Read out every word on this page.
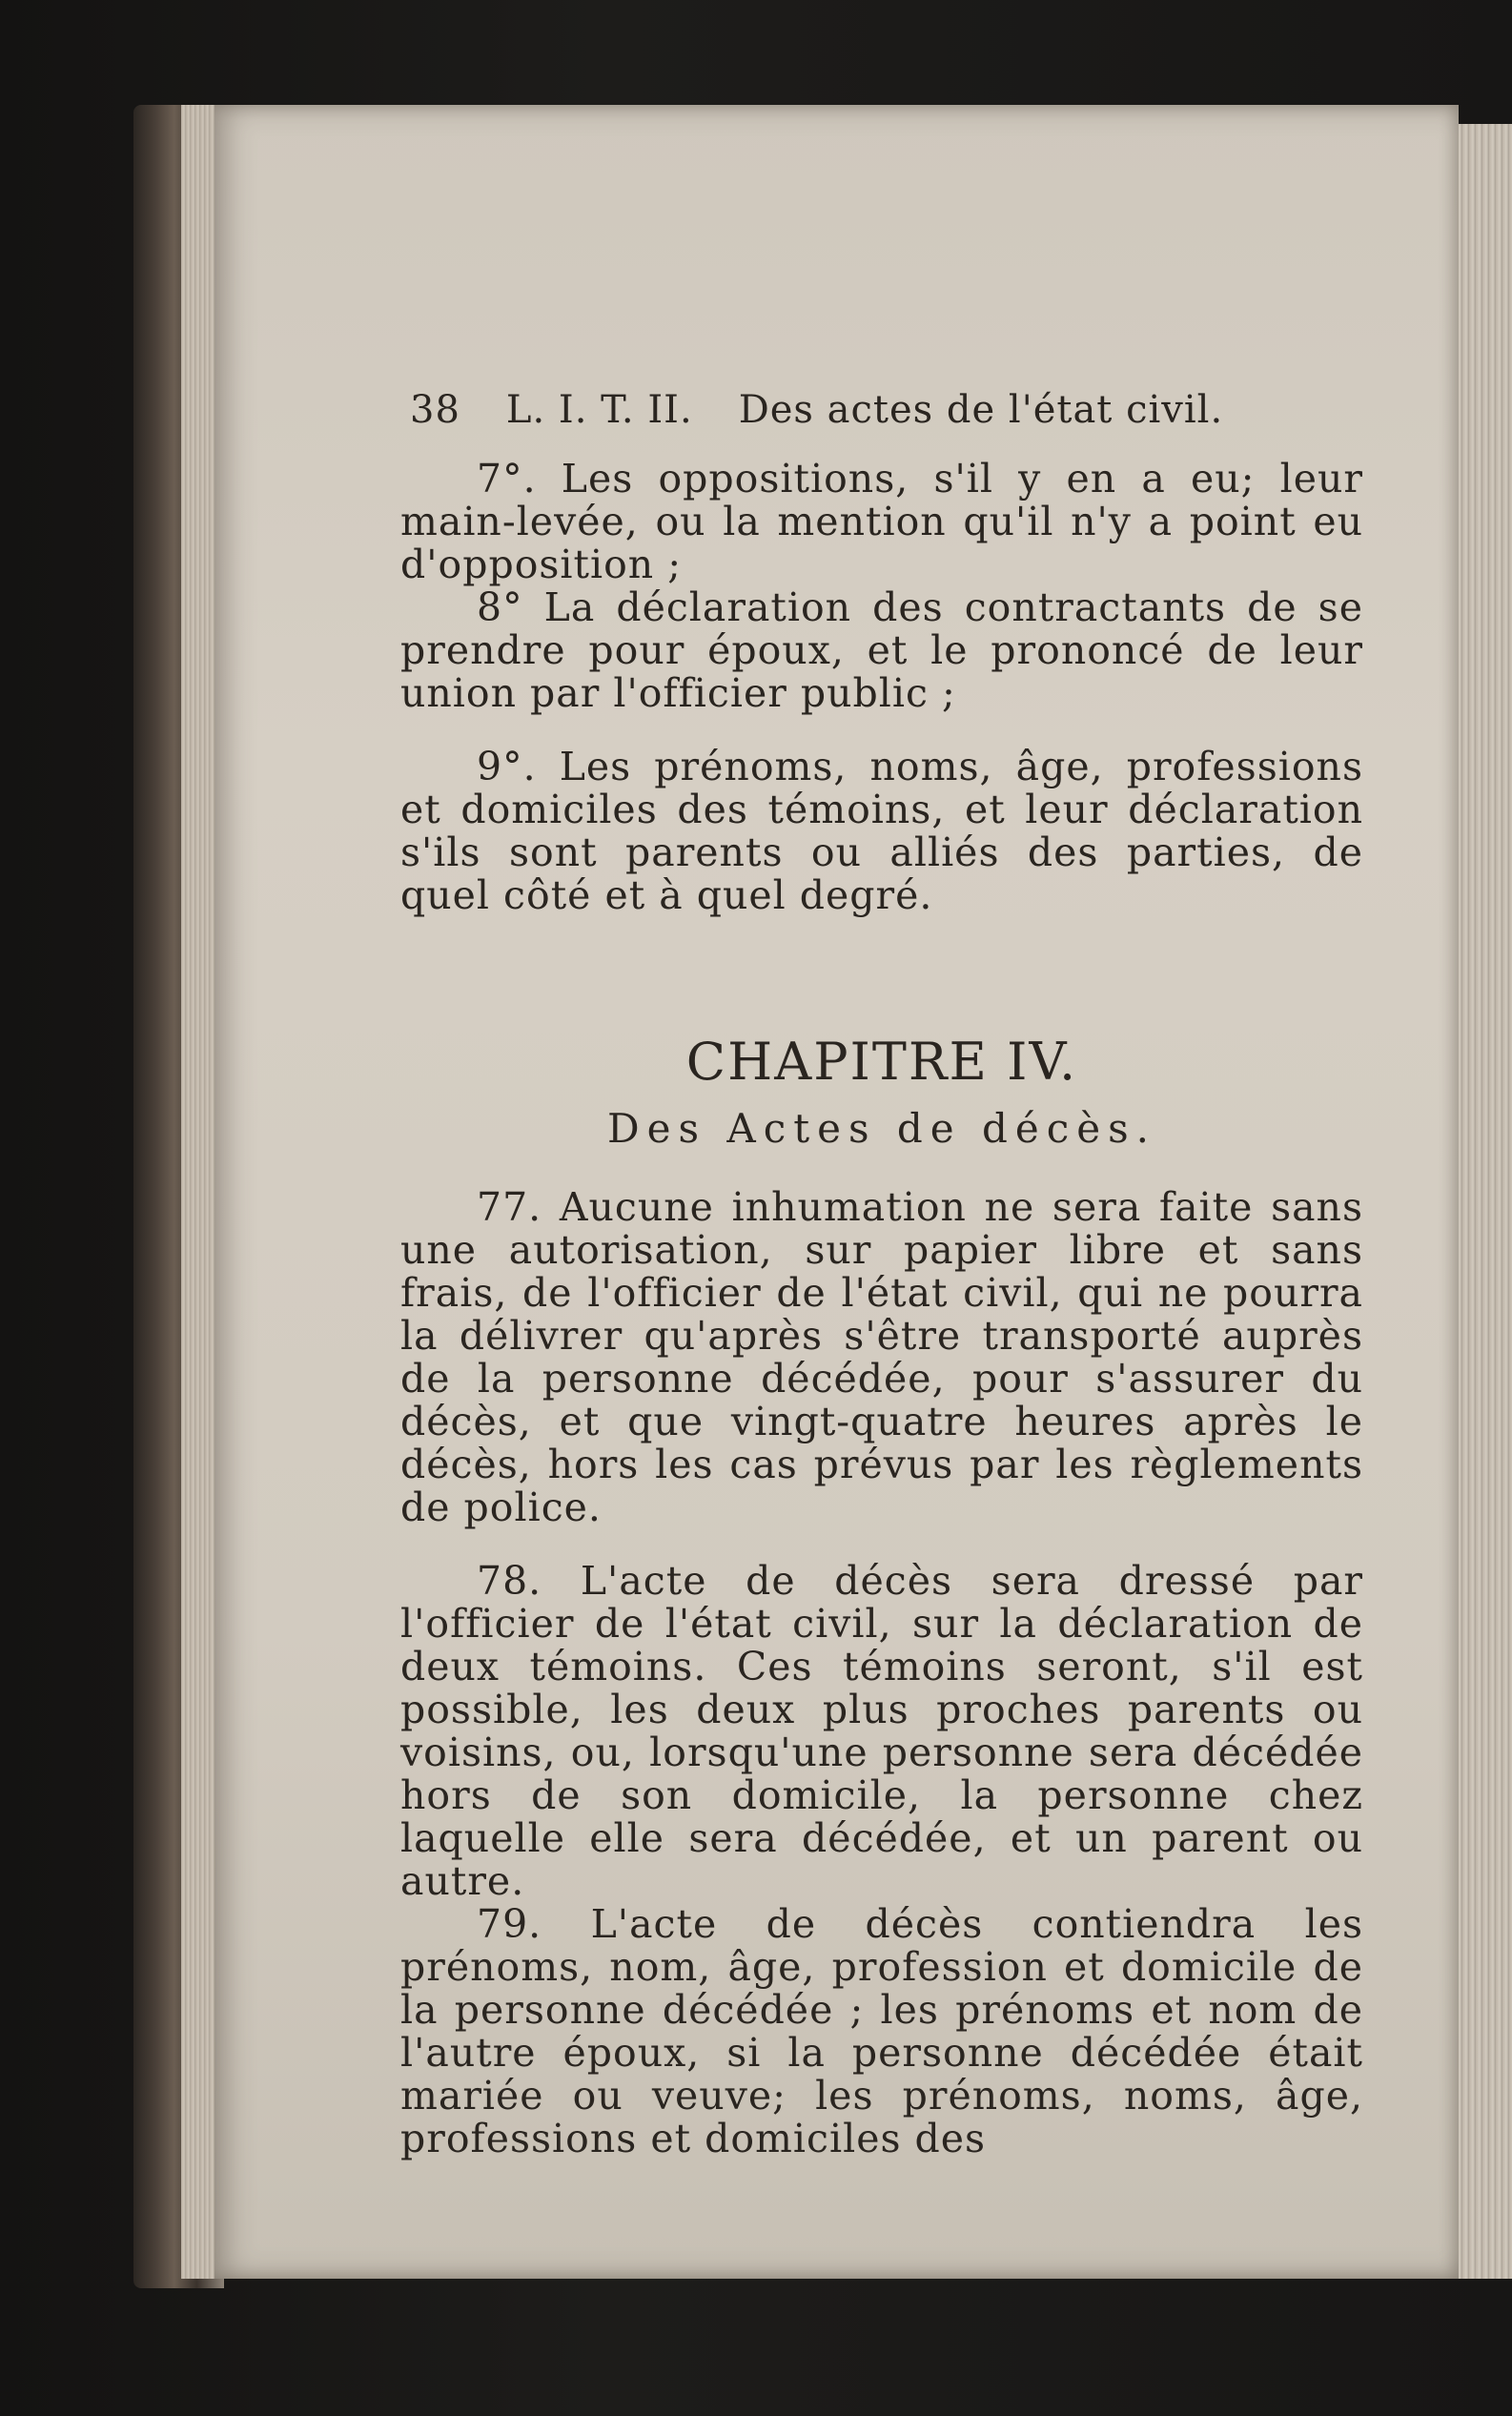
38 L. I. T. II. Des actes de l'état civil.

7°. Les oppositions, s'il y en a eu; leur main-levée, ou la mention qu'il n'y a point eu d'opposition ;

8° La déclaration des contractants de se prendre pour époux, et le prononcé de leur union par l'officier public ;

9°. Les prénoms, noms, âge, professions et domiciles des témoins, et leur déclaration s'ils sont parents ou alliés des parties, de quel côté et à quel degré.

CHAPITRE IV.
Des Actes de décès.

77. Aucune inhumation ne sera faite sans une autorisation, sur papier libre et sans frais, de l'officier de l'état civil, qui ne pourra la délivrer qu'après s'être transporté auprès de la personne décédée, pour s'assurer du décès, et que vingt-quatre heures après le décès, hors les cas prévus par les règlements de police.

78. L'acte de décès sera dressé par l'officier de l'état civil, sur la déclaration de deux témoins. Ces témoins seront, s'il est possible, les deux plus proches parents ou voisins, ou, lorsqu'une personne sera décédée hors de son domicile, la personne chez laquelle elle sera décédée, et un parent ou autre.

79. L'acte de décès contiendra les prénoms, nom, âge, profession et domicile de la personne décédée ; les prénoms et nom de l'autre époux, si la personne décédée était mariée ou veuve; les prénoms, noms, âge, professions et domiciles des
